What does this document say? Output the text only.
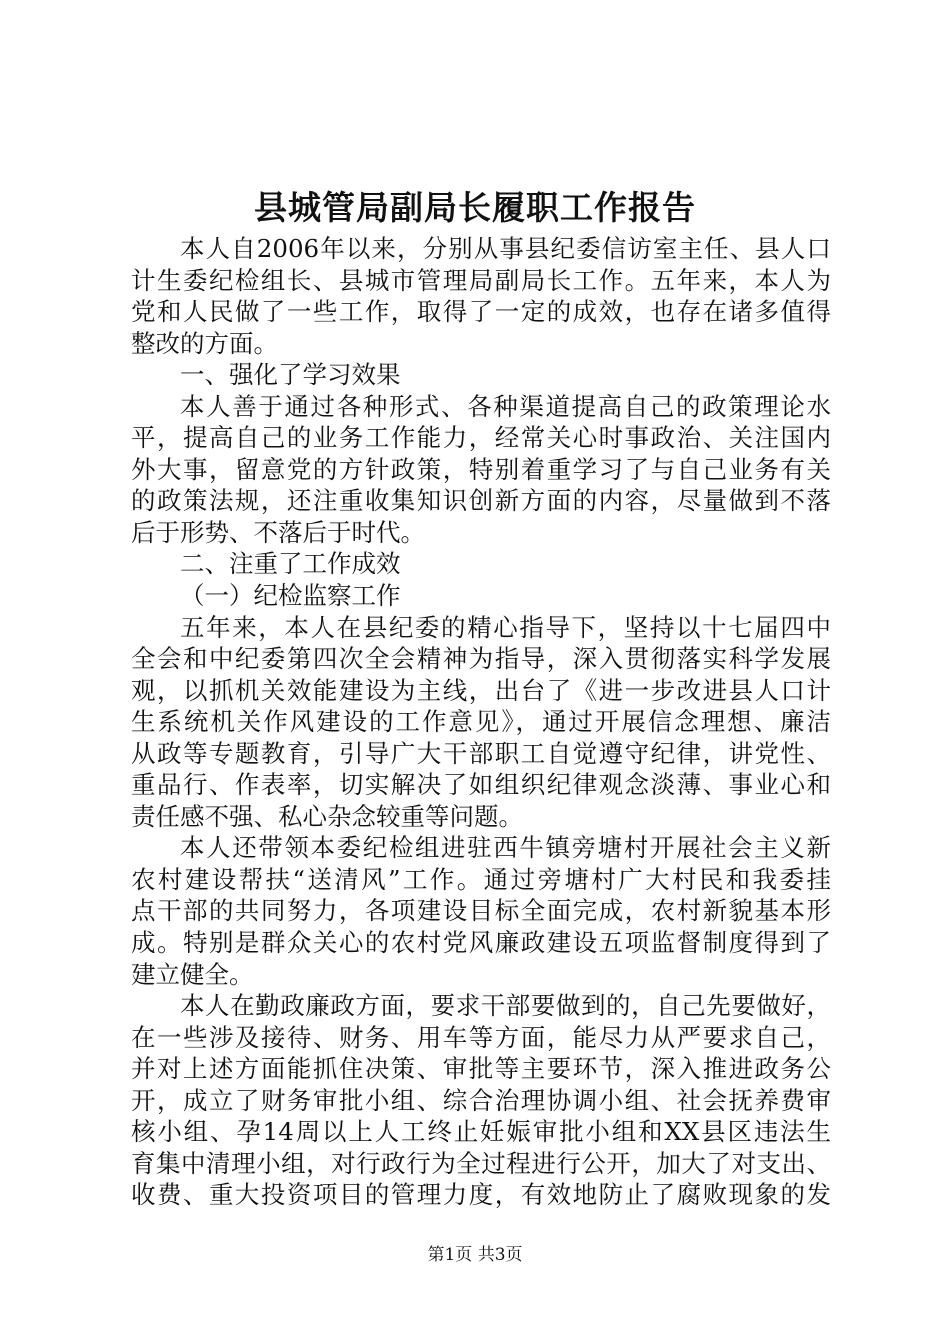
县城管局副局长履职工作报告
本人自2006年以来，分别从事县纪委信访室主任、县人口
计生委纪检组长、县城市管理局副局长工作。五年来，本人为
党和人民做了一些工作，取得了一定的成效，也存在诸多值得
整改的方面。
一、强化了学习效果
本人善于通过各种形式、各种渠道提高自己的政策理论水
平，提高自己的业务工作能力，经常关心时事政治、关注国内
外大事，留意党的方针政策，特别着重学习了与自己业务有关
的政策法规，还注重收集知识创新方面的内容，尽量做到不落
后于形势、不落后于时代。
二、注重了工作成效
（一）纪检监察工作
五年来，本人在县纪委的精心指导下，坚持以十七届四中
全会和中纪委第四次全会精神为指导，深入贯彻落实科学发展
观，以抓机关效能建设为主线，出台了《进一步改进县人口计
生系统机关作风建设的工作意见》，通过开展信念理想、廉洁
从政等专题教育，引导广大干部职工自觉遵守纪律，讲党性、
重品行、作表率，切实解决了如组织纪律观念淡薄、事业心和
责任感不强、私心杂念较重等问题。
本人还带领本委纪检组进驻西牛镇旁塘村开展社会主义新
农村建设帮扶“送清风”工作。通过旁塘村广大村民和我委挂
点干部的共同努力，各项建设目标全面完成，农村新貌基本形
成。特别是群众关心的农村党风廉政建设五项监督制度得到了
建立健全。
本人在勤政廉政方面，要求干部要做到的，自己先要做好，
在一些涉及接待、财务、用车等方面，能尽力从严要求自己，
并对上述方面能抓住决策、审批等主要环节，深入推进政务公
开，成立了财务审批小组、综合治理协调小组、社会抚养费审
核小组、孕14周以上人工终止妊娠审批小组和XX县区违法生
育集中清理小组，对行政行为全过程进行公开，加大了对支出、
收费、重大投资项目的管理力度，有效地防止了腐败现象的发
第1页 共3页
